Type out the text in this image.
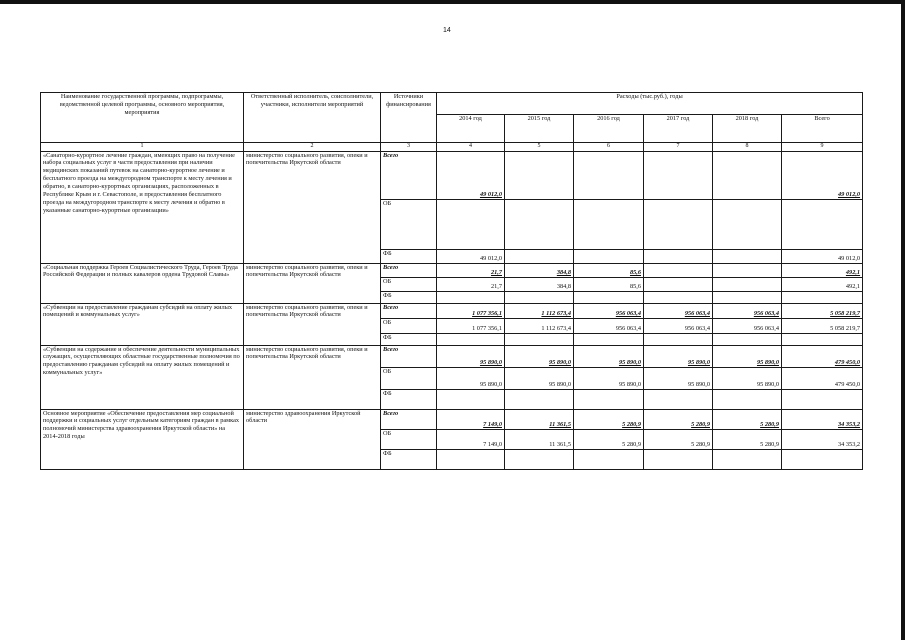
14
Наименование государственной программы, подпрограммы, ведомственной целевой программы, основного мероприятия, мероприятия	Ответственный исполнитель, соисполнители, участники, исполнители мероприятий	Источники финансирования	Расходы (тыс.руб.), годы					
			2014 год	2015 год	2016 год	2017 год	2018 год	Всего
1	2	3	4	5	6	7	8	9
«Санаторно-курортное лечение граждан, имеющих право на получение набора социальных услуг в части предоставления при наличии медицинских показаний путевок на санаторно-курортное лечение и бесплатного проезда на междугородном транспорте к месту лечения и обратно, в санаторно-курортных организациях, расположенных в Республике Крым и г. Севастополе, и предоставления бесплатного проезда на междугородном транспорте к месту лечения и обратно в указанные санаторно-курортные организации»	министерство социального развития, опеки и попечительства Иркутской области	Всего	49 012,0					49 012,0
		ОБ						
		ФБ	49 012,0					49 012,0
«Социальная поддержка Героев Социалистического Труда, Героев Труда Российской Федерации и полных кавалеров ордена Трудовой Славы»	министерство социального развития, опеки и попечительства Иркутской области	Всего	21,7	384,8	85,6			492,1
		ОБ	21,7	384,8	85,6			492,1
		ФБ						
«Субвенции на предоставление гражданам субсидий на оплату жилых помещений и коммунальных услуг»	министерство социального развития, опеки и попечительства Иркутской области	Всего	1 077 356,1	1 112 673,4	956 063,4	956 063,4	956 063,4	5 058 219,7
		ОБ	1 077 356,1	1 112 673,4	956 063,4	956 063,4	956 063,4	5 058 219,7
		ФБ						
«Субвенции на содержание и обеспечение деятельности муниципальных служащих, осуществляющих областные государственные полномочия по предоставлению гражданам субсидий на оплату жилых помещений и коммунальных услуг»	министерство социального развития, опеки и попечительства Иркутской области	Всего	95 890,0	95 890,0	95 890,0	95 890,0	95 890,0	479 450,0
		ОБ	95 890,0	95 890,0	95 890,0	95 890,0	95 890,0	479 450,0
		ФБ						
Основное мероприятие «Обеспечение предоставления мер социальной поддержки и социальных услуг отдельным категориям граждан в рамках полномочий министерства здравоохранения Иркутской области» на 2014-2018 годы	министерство здравоохранения Иркутской области	Всего	7 149,0	11 361,5	5 280,9	5 280,9	5 280,9	34 353,2
		ОБ	7 149,0	11 361,5	5 280,9	5 280,9	5 280,9	34 353,2
		ФБ						
